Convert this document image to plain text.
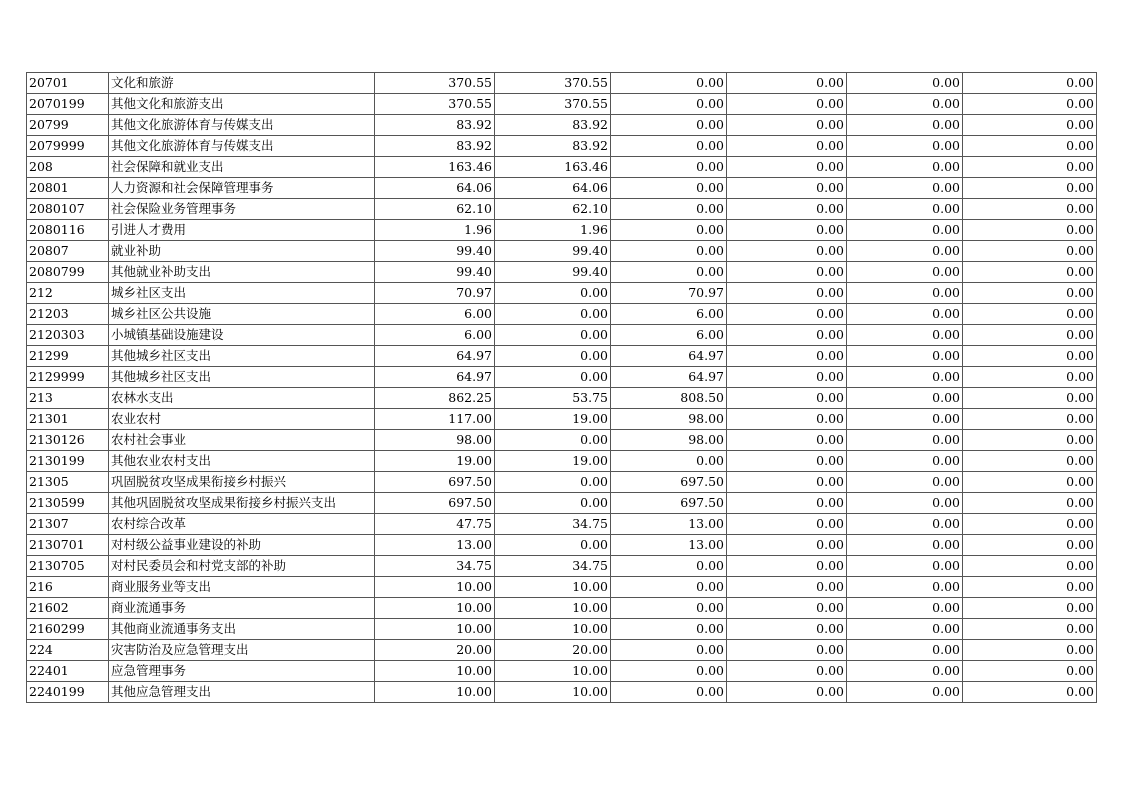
20701	文化和旅游	370.55	370.55	0.00	0.00	0.00	0.00
2070199	其他文化和旅游支出	370.55	370.55	0.00	0.00	0.00	0.00
20799	其他文化旅游体育与传媒支出	83.92	83.92	0.00	0.00	0.00	0.00
2079999	其他文化旅游体育与传媒支出	83.92	83.92	0.00	0.00	0.00	0.00
208	社会保障和就业支出	163.46	163.46	0.00	0.00	0.00	0.00
20801	人力资源和社会保障管理事务	64.06	64.06	0.00	0.00	0.00	0.00
2080107	社会保险业务管理事务	62.10	62.10	0.00	0.00	0.00	0.00
2080116	引进人才费用	1.96	1.96	0.00	0.00	0.00	0.00
20807	就业补助	99.40	99.40	0.00	0.00	0.00	0.00
2080799	其他就业补助支出	99.40	99.40	0.00	0.00	0.00	0.00
212	城乡社区支出	70.97	0.00	70.97	0.00	0.00	0.00
21203	城乡社区公共设施	6.00	0.00	6.00	0.00	0.00	0.00
2120303	小城镇基础设施建设	6.00	0.00	6.00	0.00	0.00	0.00
21299	其他城乡社区支出	64.97	0.00	64.97	0.00	0.00	0.00
2129999	其他城乡社区支出	64.97	0.00	64.97	0.00	0.00	0.00
213	农林水支出	862.25	53.75	808.50	0.00	0.00	0.00
21301	农业农村	117.00	19.00	98.00	0.00	0.00	0.00
2130126	农村社会事业	98.00	0.00	98.00	0.00	0.00	0.00
2130199	其他农业农村支出	19.00	19.00	0.00	0.00	0.00	0.00
21305	巩固脱贫攻坚成果衔接乡村振兴	697.50	0.00	697.50	0.00	0.00	0.00
2130599	其他巩固脱贫攻坚成果衔接乡村振兴支出	697.50	0.00	697.50	0.00	0.00	0.00
21307	农村综合改革	47.75	34.75	13.00	0.00	0.00	0.00
2130701	对村级公益事业建设的补助	13.00	0.00	13.00	0.00	0.00	0.00
2130705	对村民委员会和村党支部的补助	34.75	34.75	0.00	0.00	0.00	0.00
216	商业服务业等支出	10.00	10.00	0.00	0.00	0.00	0.00
21602	商业流通事务	10.00	10.00	0.00	0.00	0.00	0.00
2160299	其他商业流通事务支出	10.00	10.00	0.00	0.00	0.00	0.00
224	灾害防治及应急管理支出	20.00	20.00	0.00	0.00	0.00	0.00
22401	应急管理事务	10.00	10.00	0.00	0.00	0.00	0.00
2240199	其他应急管理支出	10.00	10.00	0.00	0.00	0.00	0.00
